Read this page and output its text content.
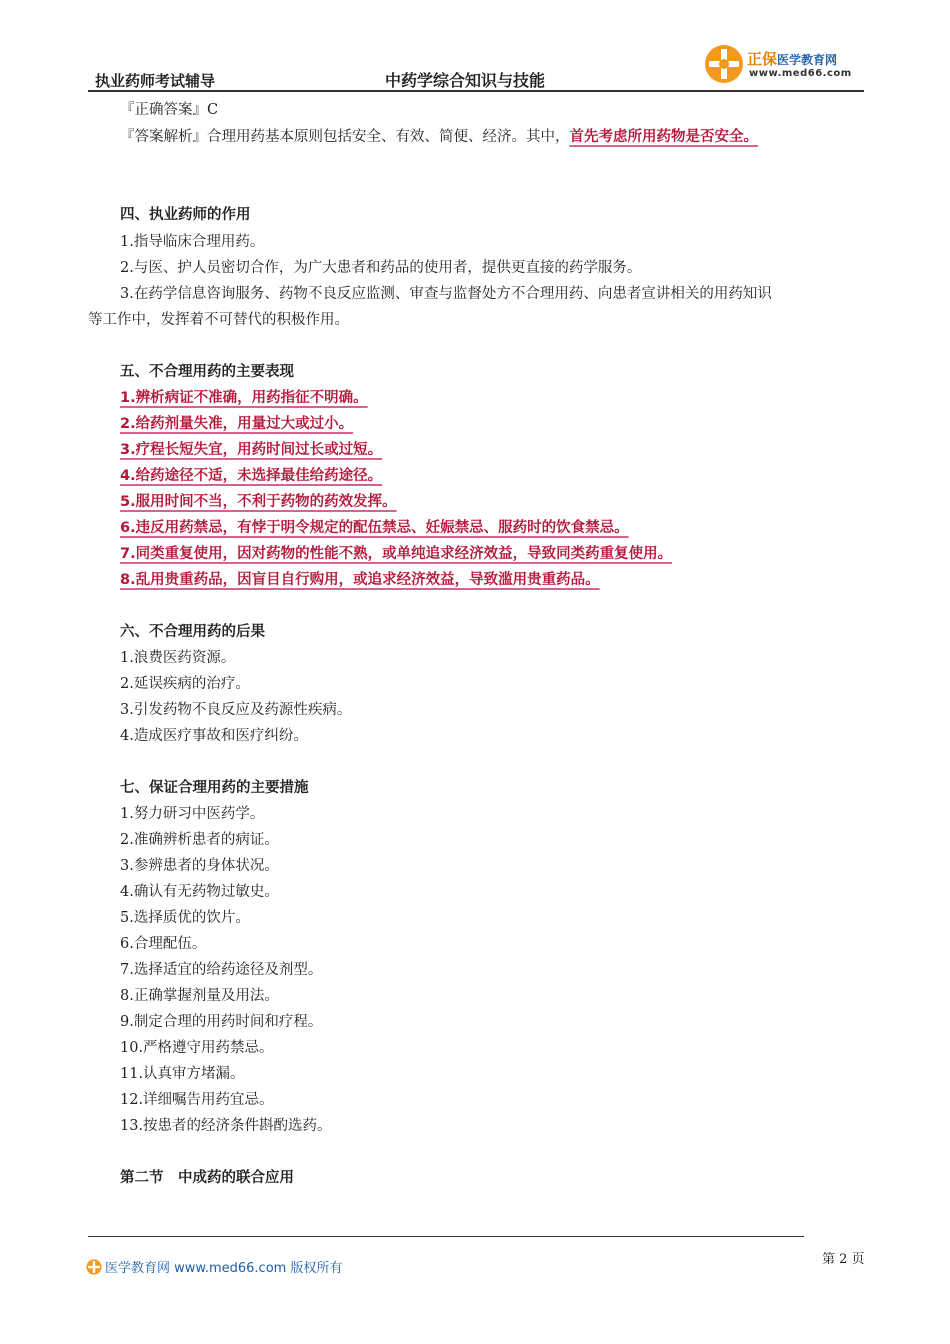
执业药师考试辅导	中药学综合知识与技能
正保医学教育网
www.med66.com
『正确答案』C
『答案解析』合理用药基本原则包括安全、有效、简便、经济。其中，首先考虑所用药物是否安全。
四、执业药师的作用
1.指导临床合理用药。
2.与医、护人员密切合作，为广大患者和药品的使用者，提供更直接的药学服务。
3.在药学信息咨询服务、药物不良反应监测、审查与监督处方不合理用药、向患者宣讲相关的用药知识
等工作中，发挥着不可替代的积极作用。
五、不合理用药的主要表现
1.辨析病证不准确，用药指征不明确。
2.给药剂量失准，用量过大或过小。
3.疗程长短失宜，用药时间过长或过短。
4.给药途径不适，未选择最佳给药途径。
5.服用时间不当，不利于药物的药效发挥。
6.违反用药禁忌，有悖于明令规定的配伍禁忌、妊娠禁忌、服药时的饮食禁忌。
7.同类重复使用，因对药物的性能不熟，或单纯追求经济效益，导致同类药重复使用。
8.乱用贵重药品，因盲目自行购用，或追求经济效益，导致滥用贵重药品。
六、不合理用药的后果
1.浪费医药资源。
2.延误疾病的治疗。
3.引发药物不良反应及药源性疾病。
4.造成医疗事故和医疗纠纷。
七、保证合理用药的主要措施
1.努力研习中医药学。
2.准确辨析患者的病证。
3.参辨患者的身体状况。
4.确认有无药物过敏史。
5.选择质优的饮片。
6.合理配伍。
7.选择适宜的给药途径及剂型。
8.正确掌握剂量及用法。
9.制定合理的用药时间和疗程。
10.严格遵守用药禁忌。
11.认真审方堵漏。
12.详细嘱告用药宜忌。
13.按患者的经济条件斟酌选药。
第二节　中成药的联合应用
医学教育网 www.med66.com 版权所有
第 2 页
